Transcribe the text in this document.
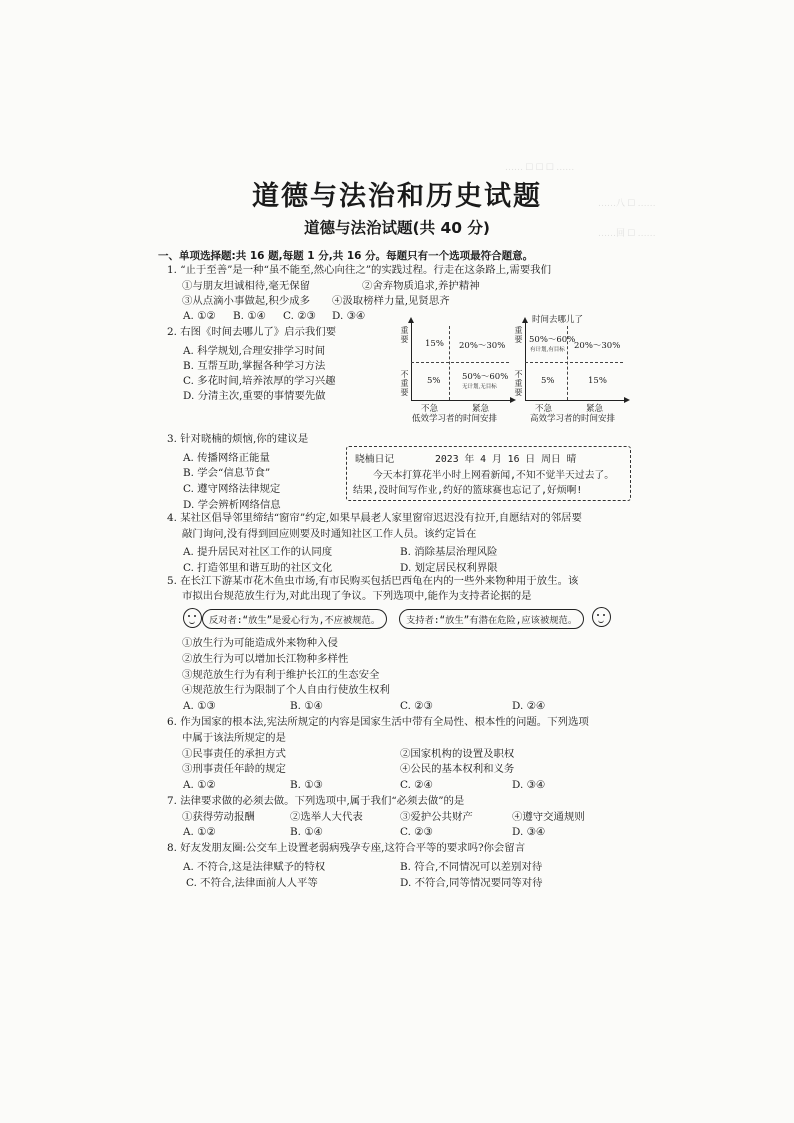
…… ☐ ☐ ☐ ……
……八 ☐ ……
……回 ☐ ……
道德与法治和历史试题
道德与法治试题(共 40 分)
一、单项选择题:共 16 题,每题 1 分,共 16 分。每题只有一个选项最符合题意。
1. “止于至善”是一种“虽不能至,然心向往之”的实践过程。行走在这条路上,需要我们
①与朋友坦诚相待,毫无保留	②舍弃物质追求,养护精神
③从点滴小事做起,积少成多 ④汲取榜样力量,见贤思齐
A. ①② B. ①④ C. ②③ D. ③④
2. 右图《时间去哪儿了》启示我们要
A. 科学规划,合理安排学习时间
B. 互帮互助,掌握各种学习方法
C. 多花时间,培养浓厚的学习兴趣
D. 分清主次,重要的事情要先做
重要
不重要
15% 20%～30%
5%	50%～60%
无计划,无目标
不急	紧急
低效学习者的时间安排
时间去哪儿了
重要
不重要
50%～60%
有计划,有目标 20%～30%
5%	15%
不急	紧急
高效学习者的时间安排
3. 针对晓楠的烦恼,你的建议是
A. 传播网络正能量
B. 学会“信息节食”
C. 遵守网络法律规定
D. 学会辨析网络信息
晓楠日记	2023 年 4 月 16 日 周日 晴
今天本打算花半小时上网看新闻,不知不觉半天过去了。
结果,没时间写作业,约好的篮球赛也忘记了,好烦啊!
4. 某社区倡导邻里缔结“窗帘”约定,如果早晨老人家里窗帘迟迟没有拉开,自愿结对的邻居要
敲门询问,没有得到回应则要及时通知社区工作人员。该约定旨在
A. 提升居民对社区工作的认同度	B. 消除基层治理风险
C. 打造邻里和谐互助的社区文化	D. 划定居民权利界限
5. 在长江下游某市花木鱼虫市场,有市民购买包括巴西龟在内的一些外来物种用于放生。该
市拟出台规范放生行为,对此出现了争议。下列选项中,能作为支持者论据的是
反对者:“放生”是爱心行为,不应被规范。	支持者:“放生”有潜在危险,应该被规范。
①放生行为可能造成外来物种入侵
②放生行为可以增加长江物种多样性
③规范放生行为有利于维护长江的生态安全
④规范放生行为限制了个人自由行使放生权利
A. ①③	B. ①④	C. ②③	D. ②④
6. 作为国家的根本法,宪法所规定的内容是国家生活中带有全局性、根本性的问题。下列选项
中属于该法所规定的是
①民事责任的承担方式	②国家机构的设置及职权
③刑事责任年龄的规定	④公民的基本权利和义务
A. ①②	B. ①③	C. ②④	D. ③④
7. 法律要求做的必须去做。下列选项中,属于我们“必须去做”的是
①获得劳动报酬	②选举人大代表	③爱护公共财产	④遵守交通规则
A. ①②	B. ①④	C. ②③	D. ③④
8. 好友发朋友圈:公交车上设置老弱病残孕专座,这符合平等的要求吗?你会留言
A. 不符合,这是法律赋予的特权	B. 符合,不同情况可以差别对待
C. 不符合,法律面前人人平等	D. 不符合,同等情况要同等对待
